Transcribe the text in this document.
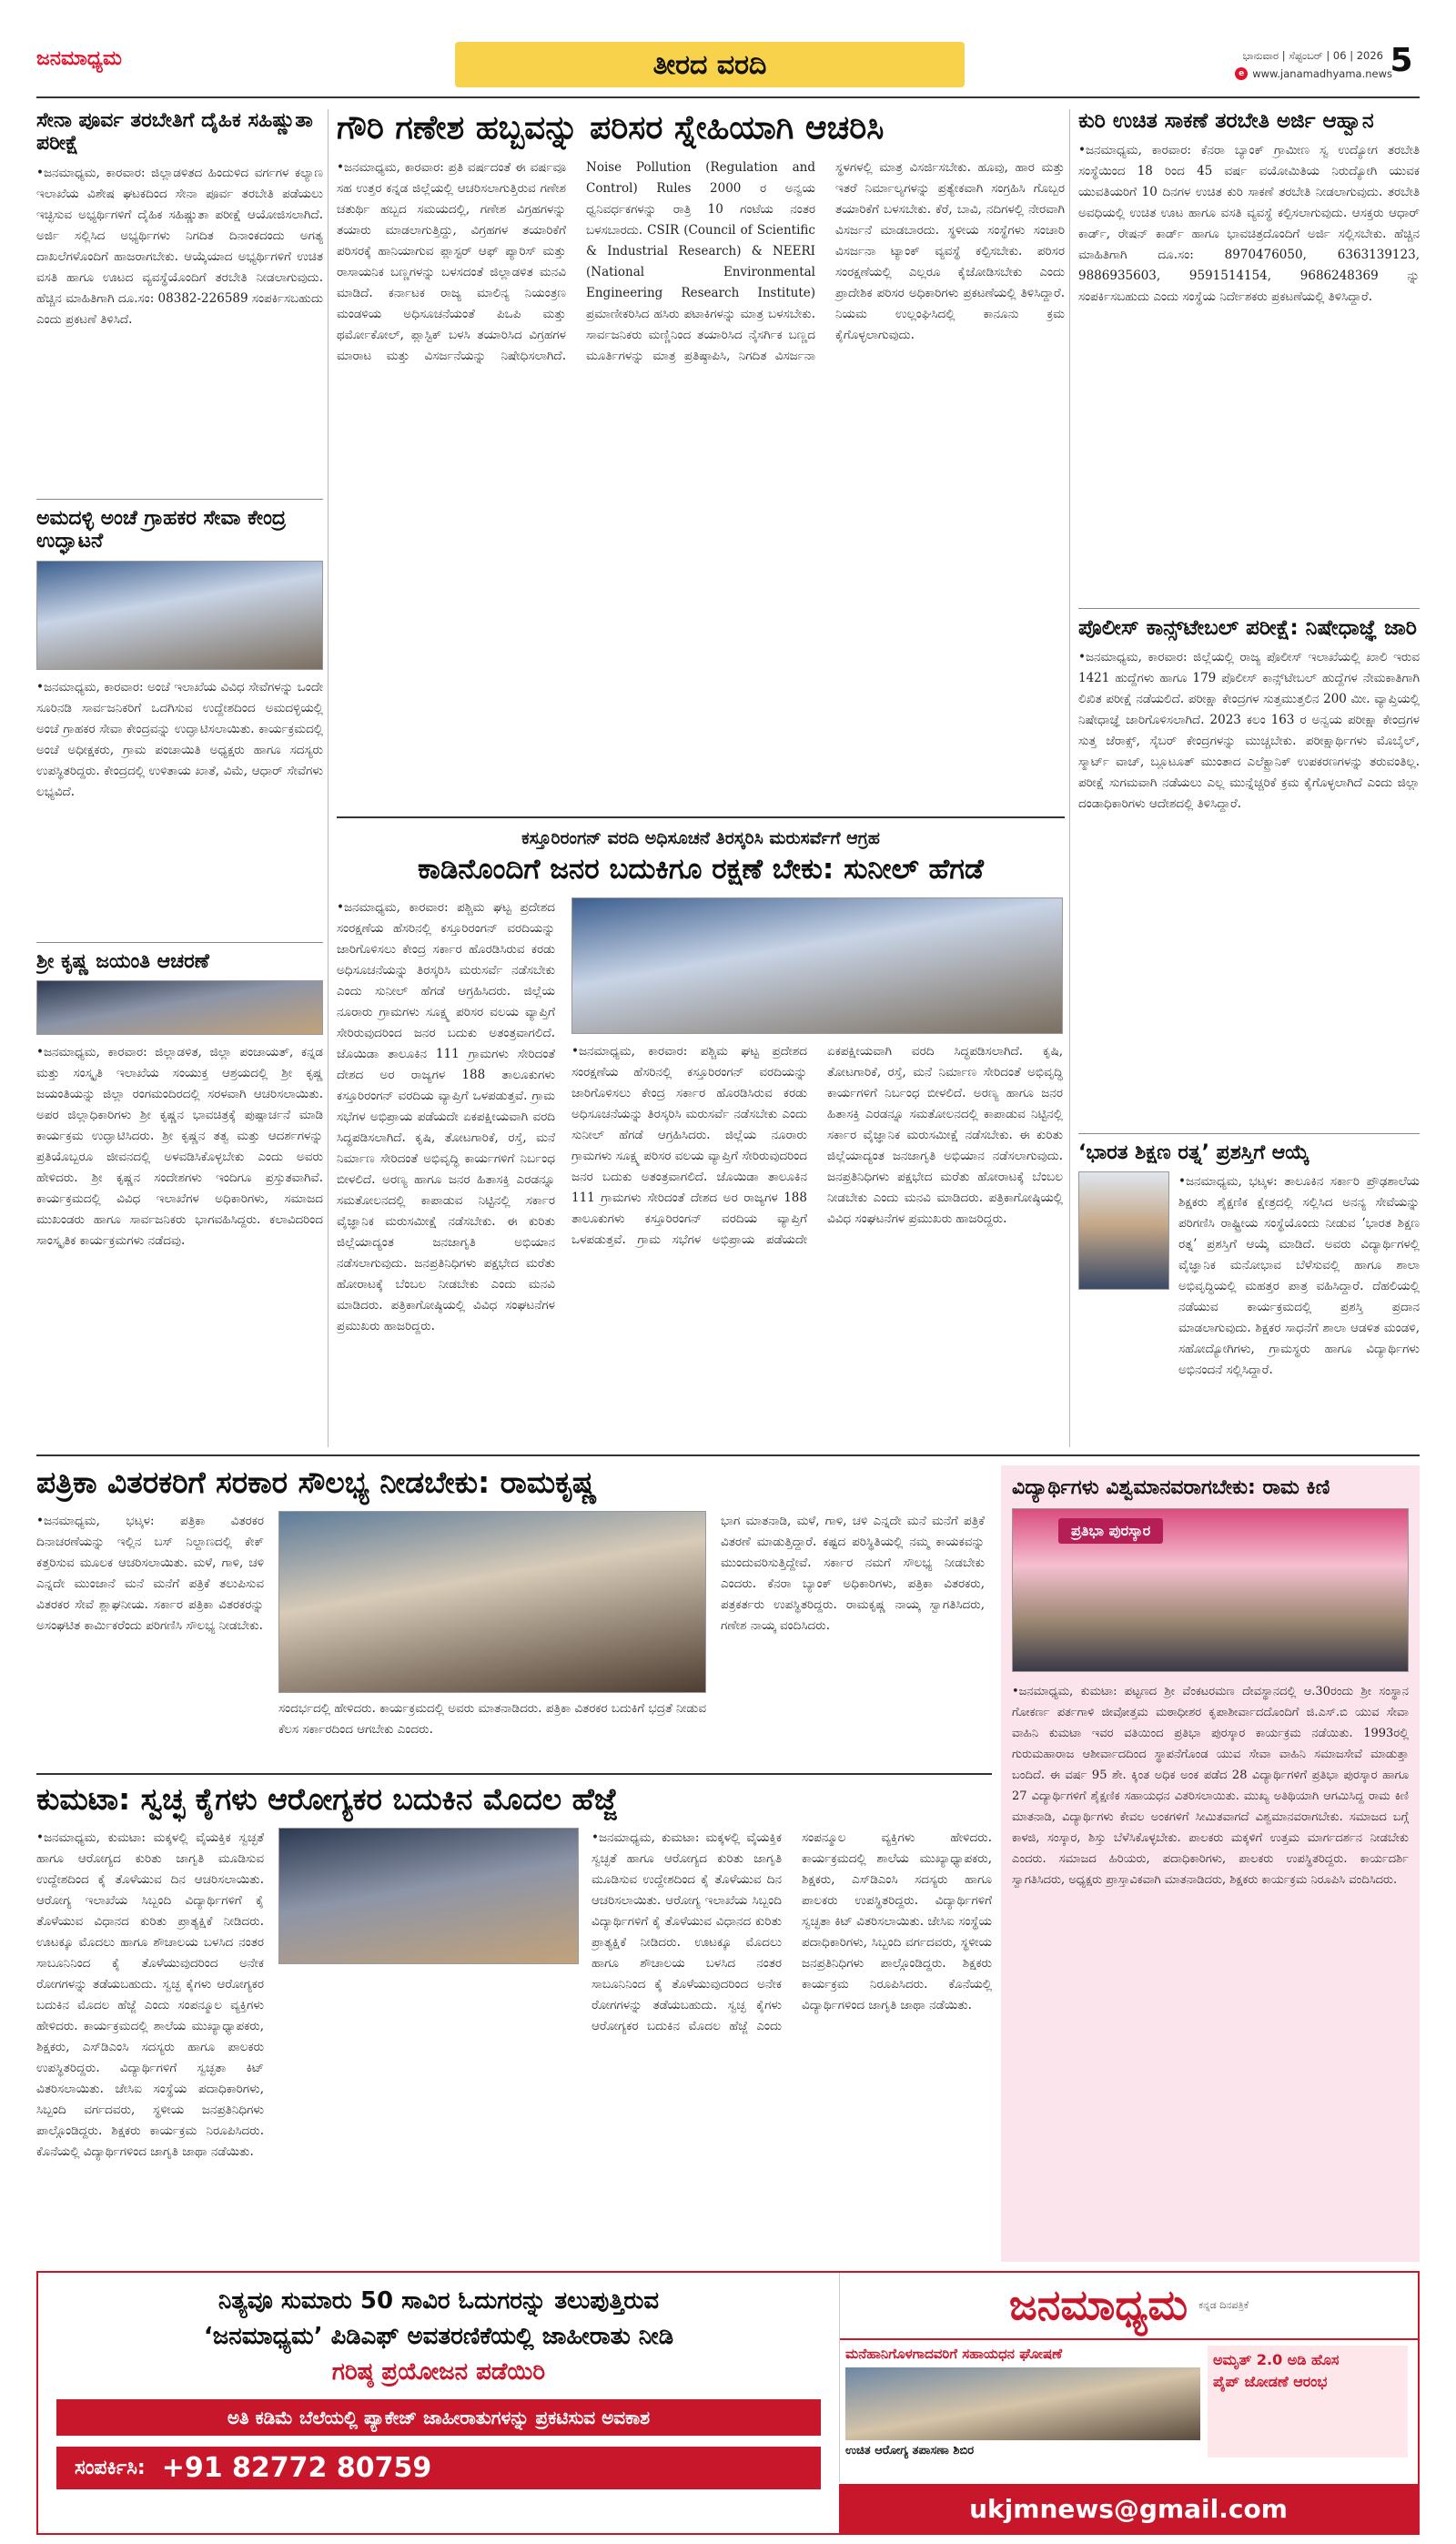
ಜನಮಾಧ್ಯಮ	ತೀರದ ವರದಿ	ಭಾನುವಾರ | ಸೆಪ್ಟಂಬರ್ | 06 | 2026
e www.janamadhyama.news
5
ಸೇನಾ ಪೂರ್ವ ತರಬೇತಿಗೆ ದೈಹಿಕ ಸಹಿಷ್ಣುತಾ ಪರೀಕ್ಷೆ
•ಜನಮಾಧ್ಯಮ, ಕಾರವಾರ: ಜಿಲ್ಲಾಡಳಿತದ ಹಿಂದುಳಿದ ವರ್ಗಗಳ ಕಲ್ಯಾಣ ಇಲಾಖೆಯ ವಿಶೇಷ ಘಟಕದಿಂದ ಸೇನಾ ಪೂರ್ವ ತರಬೇತಿ ಪಡೆಯಲು ಇಚ್ಛಿಸುವ ಅಭ್ಯರ್ಥಿಗಳಿಗೆ ದೈಹಿಕ ಸಹಿಷ್ಣುತಾ ಪರೀಕ್ಷೆ ಆಯೋಜಿಸಲಾಗಿದೆ. ಅರ್ಜಿ ಸಲ್ಲಿಸಿದ ಅಭ್ಯರ್ಥಿಗಳು ನಿಗದಿತ ದಿನಾಂಕದಂದು ಅಗತ್ಯ ದಾಖಲೆಗಳೊಂದಿಗೆ ಹಾಜರಾಗಬೇಕು. ಆಯ್ಕೆಯಾದ ಅಭ್ಯರ್ಥಿಗಳಿಗೆ ಉಚಿತ ವಸತಿ ಹಾಗೂ ಊಟದ ವ್ಯವಸ್ಥೆಯೊಂದಿಗೆ ತರಬೇತಿ ನೀಡಲಾಗುವುದು. ಹೆಚ್ಚಿನ ಮಾಹಿತಿಗಾಗಿ ದೂ.ಸಂ: 08382-226589 ಸಂಪರ್ಕಿಸಬಹುದು ಎಂದು ಪ್ರಕಟಣೆ ತಿಳಿಸಿದೆ.
ಅಮದಳ್ಳಿ ಅಂಚೆ ಗ್ರಾಹಕರ ಸೇವಾ ಕೇಂದ್ರ ಉದ್ಘಾಟನೆ
•ಜನಮಾಧ್ಯಮ, ಕಾರವಾರ: ಅಂಚೆ ಇಲಾಖೆಯ ವಿವಿಧ ಸೇವೆಗಳನ್ನು ಒಂದೇ ಸೂರಿನಡಿ ಸಾರ್ವಜನಿಕರಿಗೆ ಒದಗಿಸುವ ಉದ್ದೇಶದಿಂದ ಅಮದಳ್ಳಿಯಲ್ಲಿ ಅಂಚೆ ಗ್ರಾಹಕರ ಸೇವಾ ಕೇಂದ್ರವನ್ನು ಉದ್ಘಾಟಿಸಲಾಯಿತು. ಕಾರ್ಯಕ್ರಮದಲ್ಲಿ ಅಂಚೆ ಅಧೀಕ್ಷಕರು, ಗ್ರಾಮ ಪಂಚಾಯಿತಿ ಅಧ್ಯಕ್ಷರು ಹಾಗೂ ಸದಸ್ಯರು ಉಪಸ್ಥಿತರಿದ್ದರು. ಕೇಂದ್ರದಲ್ಲಿ ಉಳಿತಾಯ ಖಾತೆ, ವಿಮೆ, ಆಧಾರ್ ಸೇವೆಗಳು ಲಭ್ಯವಿದೆ.
ಶ್ರೀ ಕೃಷ್ಣ ಜಯಂತಿ ಆಚರಣೆ
•ಜನಮಾಧ್ಯಮ, ಕಾರವಾರ: ಜಿಲ್ಲಾಡಳಿತ, ಜಿಲ್ಲಾ ಪಂಚಾಯತ್, ಕನ್ನಡ ಮತ್ತು ಸಂಸ್ಕೃತಿ ಇಲಾಖೆಯ ಸಂಯುಕ್ತ ಆಶ್ರಯದಲ್ಲಿ ಶ್ರೀ ಕೃಷ್ಣ ಜಯಂತಿಯನ್ನು ಜಿಲ್ಲಾ ರಂಗಮಂದಿರದಲ್ಲಿ ಸರಳವಾಗಿ ಆಚರಿಸಲಾಯಿತು. ಅಪರ ಜಿಲ್ಲಾಧಿಕಾರಿಗಳು ಶ್ರೀ ಕೃಷ್ಣನ ಭಾವಚಿತ್ರಕ್ಕೆ ಪುಷ್ಪಾರ್ಚನೆ ಮಾಡಿ ಕಾರ್ಯಕ್ರಮ ಉದ್ಘಾಟಿಸಿದರು. ಶ್ರೀ ಕೃಷ್ಣನ ತತ್ವ ಮತ್ತು ಆದರ್ಶಗಳನ್ನು ಪ್ರತಿಯೊಬ್ಬರೂ ಜೀವನದಲ್ಲಿ ಅಳವಡಿಸಿಕೊಳ್ಳಬೇಕು ಎಂದು ಅವರು ಹೇಳಿದರು. ಶ್ರೀ ಕೃಷ್ಣನ ಸಂದೇಶಗಳು ಇಂದಿಗೂ ಪ್ರಸ್ತುತವಾಗಿವೆ. ಕಾರ್ಯಕ್ರಮದಲ್ಲಿ ವಿವಿಧ ಇಲಾಖೆಗಳ ಅಧಿಕಾರಿಗಳು, ಸಮಾಜದ ಮುಖಂಡರು ಹಾಗೂ ಸಾರ್ವಜನಿಕರು ಭಾಗವಹಿಸಿದ್ದರು. ಕಲಾವಿದರಿಂದ ಸಾಂಸ್ಕೃತಿಕ ಕಾರ್ಯಕ್ರಮಗಳು ನಡೆದವು.
ಗೌರಿ ಗಣೇಶ ಹಬ್ಬವನ್ನು ಪರಿಸರ ಸ್ನೇಹಿಯಾಗಿ ಆಚರಿಸಿ
•ಜನಮಾಧ್ಯಮ, ಕಾರವಾರ: ಪ್ರತಿ ವರ್ಷದಂತೆ ಈ ವರ್ಷವೂ ಸಹ ಉತ್ತರ ಕನ್ನಡ ಜಿಲ್ಲೆಯಲ್ಲಿ ಆಚರಿಸಲಾಗುತ್ತಿರುವ ಗಣೇಶ ಚತುರ್ಥಿ ಹಬ್ಬದ ಸಮಯದಲ್ಲಿ, ಗಣೇಶ ವಿಗ್ರಹಗಳನ್ನು ತಯಾರು ಮಾಡಲಾಗುತ್ತಿದ್ದು, ವಿಗ್ರಹಗಳ ತಯಾರಿಕೆಗೆ ಪರಿಸರಕ್ಕೆ ಹಾನಿಯಾಗುವ ಪ್ಲಾಸ್ಟರ್ ಆಫ್ ಪ್ಯಾರಿಸ್ ಮತ್ತು ರಾಸಾಯನಿಕ ಬಣ್ಣಗಳನ್ನು ಬಳಸದಂತೆ ಜಿಲ್ಲಾಡಳಿತ ಮನವಿ ಮಾಡಿದೆ. ಕರ್ನಾಟಕ ರಾಜ್ಯ ಮಾಲಿನ್ಯ ನಿಯಂತ್ರಣ ಮಂಡಳಿಯ ಅಧಿಸೂಚನೆಯಂತೆ ಪಿಒಪಿ ಮತ್ತು ಥರ್ಮೋಕೋಲ್, ಪ್ಲಾಸ್ಟಿಕ್ ಬಳಸಿ ತಯಾರಿಸಿದ ವಿಗ್ರಹಗಳ ಮಾರಾಟ ಮತ್ತು ವಿಸರ್ಜನೆಯನ್ನು ನಿಷೇಧಿಸಲಾಗಿದೆ. Noise Pollution (Regulation and Control) Rules 2000 ರ ಅನ್ವಯ ಧ್ವನಿವರ್ಧಕಗಳನ್ನು ರಾತ್ರಿ 10 ಗಂಟೆಯ ನಂತರ ಬಳಸಬಾರದು. CSIR (Council of Scientific & Industrial Research) & NEERI (National Environmental Engineering Research Institute) ಪ್ರಮಾಣೀಕರಿಸಿದ ಹಸಿರು ಪಟಾಕಿಗಳನ್ನು ಮಾತ್ರ ಬಳಸಬೇಕು. ಸಾರ್ವಜನಿಕರು ಮಣ್ಣಿನಿಂದ ತಯಾರಿಸಿದ ನೈಸರ್ಗಿಕ ಬಣ್ಣದ ಮೂರ್ತಿಗಳನ್ನು ಮಾತ್ರ ಪ್ರತಿಷ್ಠಾಪಿಸಿ, ನಿಗದಿತ ವಿಸರ್ಜನಾ ಸ್ಥಳಗಳಲ್ಲಿ ಮಾತ್ರ ವಿಸರ್ಜಿಸಬೇಕು. ಹೂವು, ಹಾರ ಮತ್ತು ಇತರೆ ನಿರ್ಮಾಲ್ಯಗಳನ್ನು ಪ್ರತ್ಯೇಕವಾಗಿ ಸಂಗ್ರಹಿಸಿ ಗೊಬ್ಬರ ತಯಾರಿಕೆಗೆ ಬಳಸಬೇಕು. ಕೆರೆ, ಬಾವಿ, ನದಿಗಳಲ್ಲಿ ನೇರವಾಗಿ ವಿಸರ್ಜನೆ ಮಾಡಬಾರದು. ಸ್ಥಳೀಯ ಸಂಸ್ಥೆಗಳು ಸಂಚಾರಿ ವಿಸರ್ಜನಾ ಟ್ಯಾಂಕ್ ವ್ಯವಸ್ಥೆ ಕಲ್ಪಿಸಬೇಕು. ಪರಿಸರ ಸಂರಕ್ಷಣೆಯಲ್ಲಿ ಎಲ್ಲರೂ ಕೈಜೋಡಿಸಬೇಕು ಎಂದು ಪ್ರಾದೇಶಿಕ ಪರಿಸರ ಅಧಿಕಾರಿಗಳು ಪ್ರಕಟಣೆಯಲ್ಲಿ ತಿಳಿಸಿದ್ದಾರೆ. ನಿಯಮ ಉಲ್ಲಂಘಿಸಿದಲ್ಲಿ ಕಾನೂನು ಕ್ರಮ ಕೈಗೊಳ್ಳಲಾಗುವುದು.
ಕಸ್ತೂರಿರಂಗನ್ ವರದಿ ಅಧಿಸೂಚನೆ ತಿರಸ್ಕರಿಸಿ ಮರುಸರ್ವೆಗೆ ಆಗ್ರಹ
ಕಾಡಿನೊಂದಿಗೆ ಜನರ ಬದುಕಿಗೂ ರಕ್ಷಣೆ ಬೇಕು: ಸುನೀಲ್ ಹೆಗಡೆ
•ಜನಮಾಧ್ಯಮ, ಕಾರವಾರ: ಪಶ್ಚಿಮ ಘಟ್ಟ ಪ್ರದೇಶದ ಸಂರಕ್ಷಣೆಯ ಹೆಸರಿನಲ್ಲಿ ಕಸ್ತೂರಿರಂಗನ್ ವರದಿಯನ್ನು ಜಾರಿಗೊಳಿಸಲು ಕೇಂದ್ರ ಸರ್ಕಾರ ಹೊರಡಿಸಿರುವ ಕರಡು ಅಧಿಸೂಚನೆಯನ್ನು ತಿರಸ್ಕರಿಸಿ ಮರುಸರ್ವೆ ನಡೆಸಬೇಕು ಎಂದು ಸುನೀಲ್ ಹೆಗಡೆ ಆಗ್ರಹಿಸಿದರು. ಜಿಲ್ಲೆಯ ನೂರಾರು ಗ್ರಾಮಗಳು ಸೂಕ್ಷ್ಮ ಪರಿಸರ ವಲಯ ವ್ಯಾಪ್ತಿಗೆ ಸೇರಿರುವುದರಿಂದ ಜನರ ಬದುಕು ಅತಂತ್ರವಾಗಲಿದೆ. ಜೊಯಿಡಾ ತಾಲೂಕಿನ 111 ಗ್ರಾಮಗಳು ಸೇರಿದಂತೆ ದೇಶದ ಅರ ರಾಜ್ಯಗಳ 188 ತಾಲೂಕುಗಳು ಕಸ್ತೂರಿರಂಗನ್ ವರದಿಯ ವ್ಯಾಪ್ತಿಗೆ ಒಳಪಡುತ್ತವೆ. ಗ್ರಾಮ ಸಭೆಗಳ ಅಭಿಪ್ರಾಯ ಪಡೆಯದೇ ಏಕಪಕ್ಷೀಯವಾಗಿ ವರದಿ ಸಿದ್ಧಪಡಿಸಲಾಗಿದೆ. ಕೃಷಿ, ತೋಟಗಾರಿಕೆ, ರಸ್ತೆ, ಮನೆ ನಿರ್ಮಾಣ ಸೇರಿದಂತೆ ಅಭಿವೃದ್ಧಿ ಕಾರ್ಯಗಳಿಗೆ ನಿರ್ಬಂಧ ಬೀಳಲಿದೆ. ಅರಣ್ಯ ಹಾಗೂ ಜನರ ಹಿತಾಸಕ್ತಿ ಎರಡನ್ನೂ ಸಮತೋಲನದಲ್ಲಿ ಕಾಪಾಡುವ ನಿಟ್ಟಿನಲ್ಲಿ ಸರ್ಕಾರ ವೈಜ್ಞಾನಿಕ ಮರುಸಮೀಕ್ಷೆ ನಡೆಸಬೇಕು. ಈ ಕುರಿತು ಜಿಲ್ಲೆಯಾದ್ಯಂತ ಜನಜಾಗೃತಿ ಅಭಿಯಾನ ನಡೆಸಲಾಗುವುದು. ಜನಪ್ರತಿನಿಧಿಗಳು ಪಕ್ಷಭೇದ ಮರೆತು ಹೋರಾಟಕ್ಕೆ ಬೆಂಬಲ ನೀಡಬೇಕು ಎಂದು ಮನವಿ ಮಾಡಿದರು. ಪತ್ರಿಕಾಗೋಷ್ಠಿಯಲ್ಲಿ ವಿವಿಧ ಸಂಘಟನೆಗಳ ಪ್ರಮುಖರು ಹಾಜರಿದ್ದರು.
•ಜನಮಾಧ್ಯಮ, ಕಾರವಾರ: ಪಶ್ಚಿಮ ಘಟ್ಟ ಪ್ರದೇಶದ ಸಂರಕ್ಷಣೆಯ ಹೆಸರಿನಲ್ಲಿ ಕಸ್ತೂರಿರಂಗನ್ ವರದಿಯನ್ನು ಜಾರಿಗೊಳಿಸಲು ಕೇಂದ್ರ ಸರ್ಕಾರ ಹೊರಡಿಸಿರುವ ಕರಡು ಅಧಿಸೂಚನೆಯನ್ನು ತಿರಸ್ಕರಿಸಿ ಮರುಸರ್ವೆ ನಡೆಸಬೇಕು ಎಂದು ಸುನೀಲ್ ಹೆಗಡೆ ಆಗ್ರಹಿಸಿದರು. ಜಿಲ್ಲೆಯ ನೂರಾರು ಗ್ರಾಮಗಳು ಸೂಕ್ಷ್ಮ ಪರಿಸರ ವಲಯ ವ್ಯಾಪ್ತಿಗೆ ಸೇರಿರುವುದರಿಂದ ಜನರ ಬದುಕು ಅತಂತ್ರವಾಗಲಿದೆ. ಜೊಯಿಡಾ ತಾಲೂಕಿನ 111 ಗ್ರಾಮಗಳು ಸೇರಿದಂತೆ ದೇಶದ ಅರ ರಾಜ್ಯಗಳ 188 ತಾಲೂಕುಗಳು ಕಸ್ತೂರಿರಂಗನ್ ವರದಿಯ ವ್ಯಾಪ್ತಿಗೆ ಒಳಪಡುತ್ತವೆ. ಗ್ರಾಮ ಸಭೆಗಳ ಅಭಿಪ್ರಾಯ ಪಡೆಯದೇ ಏಕಪಕ್ಷೀಯವಾಗಿ ವರದಿ ಸಿದ್ಧಪಡಿಸಲಾಗಿದೆ. ಕೃಷಿ, ತೋಟಗಾರಿಕೆ, ರಸ್ತೆ, ಮನೆ ನಿರ್ಮಾಣ ಸೇರಿದಂತೆ ಅಭಿವೃದ್ಧಿ ಕಾರ್ಯಗಳಿಗೆ ನಿರ್ಬಂಧ ಬೀಳಲಿದೆ. ಅರಣ್ಯ ಹಾಗೂ ಜನರ ಹಿತಾಸಕ್ತಿ ಎರಡನ್ನೂ ಸಮತೋಲನದಲ್ಲಿ ಕಾಪಾಡುವ ನಿಟ್ಟಿನಲ್ಲಿ ಸರ್ಕಾರ ವೈಜ್ಞಾನಿಕ ಮರುಸಮೀಕ್ಷೆ ನಡೆಸಬೇಕು. ಈ ಕುರಿತು ಜಿಲ್ಲೆಯಾದ್ಯಂತ ಜನಜಾಗೃತಿ ಅಭಿಯಾನ ನಡೆಸಲಾಗುವುದು. ಜನಪ್ರತಿನಿಧಿಗಳು ಪಕ್ಷಭೇದ ಮರೆತು ಹೋರಾಟಕ್ಕೆ ಬೆಂಬಲ ನೀಡಬೇಕು ಎಂದು ಮನವಿ ಮಾಡಿದರು. ಪತ್ರಿಕಾಗೋಷ್ಠಿಯಲ್ಲಿ ವಿವಿಧ ಸಂಘಟನೆಗಳ ಪ್ರಮುಖರು ಹಾಜರಿದ್ದರು.
ಕುರಿ ಉಚಿತ ಸಾಕಣೆ ತರಬೇತಿ ಅರ್ಜಿ ಆಹ್ವಾನ
•ಜನಮಾಧ್ಯಮ, ಕಾರವಾರ: ಕೆನರಾ ಬ್ಯಾಂಕ್ ಗ್ರಾಮೀಣ ಸ್ವ ಉದ್ಯೋಗ ತರಬೇತಿ ಸಂಸ್ಥೆಯಿಂದ 18 ರಿಂದ 45 ವರ್ಷ ವಯೋಮಿತಿಯ ನಿರುದ್ಯೋಗಿ ಯುವಕ ಯುವತಿಯರಿಗೆ 10 ದಿನಗಳ ಉಚಿತ ಕುರಿ ಸಾಕಣೆ ತರಬೇತಿ ನೀಡಲಾಗುವುದು. ತರಬೇತಿ ಅವಧಿಯಲ್ಲಿ ಉಚಿತ ಊಟ ಹಾಗೂ ವಸತಿ ವ್ಯವಸ್ಥೆ ಕಲ್ಪಿಸಲಾಗುವುದು. ಆಸಕ್ತರು ಆಧಾರ್ ಕಾರ್ಡ್, ರೇಷನ್ ಕಾರ್ಡ್ ಹಾಗೂ ಭಾವಚಿತ್ರದೊಂದಿಗೆ ಅರ್ಜಿ ಸಲ್ಲಿಸಬೇಕು. ಹೆಚ್ಚಿನ ಮಾಹಿತಿಗಾಗಿ ದೂ.ಸಂ: 8970476050, 6363139123, 9886935603, 9591514154, 9686248369 ನ್ನು ಸಂಪರ್ಕಿಸಬಹುದು ಎಂದು ಸಂಸ್ಥೆಯ ನಿರ್ದೇಶಕರು ಪ್ರಕಟಣೆಯಲ್ಲಿ ತಿಳಿಸಿದ್ದಾರೆ.
ಪೊಲೀಸ್ ಕಾನ್ಸ್‌ಟೇಬಲ್ ಪರೀಕ್ಷೆ: ನಿಷೇಧಾಜ್ಞೆ ಜಾರಿ
•ಜನಮಾಧ್ಯಮ, ಕಾರವಾರ: ಜಿಲ್ಲೆಯಲ್ಲಿ ರಾಜ್ಯ ಪೊಲೀಸ್ ಇಲಾಖೆಯಲ್ಲಿ ಖಾಲಿ ಇರುವ 1421 ಹುದ್ದೆಗಳು ಹಾಗೂ 179 ಪೊಲೀಸ್ ಕಾನ್ಸ್‌ಟೇಬಲ್ ಹುದ್ದೆಗಳ ನೇಮಕಾತಿಗಾಗಿ ಲಿಖಿತ ಪರೀಕ್ಷೆ ನಡೆಯಲಿದೆ. ಪರೀಕ್ಷಾ ಕೇಂದ್ರಗಳ ಸುತ್ತಮುತ್ತಲಿನ 200 ಮೀ. ವ್ಯಾಪ್ತಿಯಲ್ಲಿ ನಿಷೇಧಾಜ್ಞೆ ಜಾರಿಗೊಳಿಸಲಾಗಿದೆ. 2023 ಕಲಂ 163 ರ ಅನ್ವಯ ಪರೀಕ್ಷಾ ಕೇಂದ್ರಗಳ ಸುತ್ತ ಜೆರಾಕ್ಸ್, ಸೈಬರ್ ಕೇಂದ್ರಗಳನ್ನು ಮುಚ್ಚಬೇಕು. ಪರೀಕ್ಷಾರ್ಥಿಗಳು ಮೊಬೈಲ್, ಸ್ಮಾರ್ಟ್ ವಾಚ್, ಬ್ಲೂಟೂತ್ ಮುಂತಾದ ಎಲೆಕ್ಟ್ರಾನಿಕ್ ಉಪಕರಣಗಳನ್ನು ತರುವಂತಿಲ್ಲ. ಪರೀಕ್ಷೆ ಸುಗಮವಾಗಿ ನಡೆಯಲು ಎಲ್ಲ ಮುನ್ನೆಚ್ಚರಿಕೆ ಕ್ರಮ ಕೈಗೊಳ್ಳಲಾಗಿದೆ ಎಂದು ಜಿಲ್ಲಾ ದಂಡಾಧಿಕಾರಿಗಳು ಆದೇಶದಲ್ಲಿ ತಿಳಿಸಿದ್ದಾರೆ.
‘ಭಾರತ ಶಿಕ್ಷಣ ರತ್ನ’ ಪ್ರಶಸ್ತಿಗೆ ಆಯ್ಕೆ
•ಜನಮಾಧ್ಯಮ, ಭಟ್ಕಳ: ತಾಲೂಕಿನ ಸರ್ಕಾರಿ ಪ್ರೌಢಶಾಲೆಯ ಶಿಕ್ಷಕರು ಶೈಕ್ಷಣಿಕ ಕ್ಷೇತ್ರದಲ್ಲಿ ಸಲ್ಲಿಸಿದ ಅನನ್ಯ ಸೇವೆಯನ್ನು ಪರಿಗಣಿಸಿ ರಾಷ್ಟ್ರೀಯ ಸಂಸ್ಥೆಯೊಂದು ನೀಡುವ ‘ಭಾರತ ಶಿಕ್ಷಣ ರತ್ನ’ ಪ್ರಶಸ್ತಿಗೆ ಆಯ್ಕೆ ಮಾಡಿದೆ. ಅವರು ವಿದ್ಯಾರ್ಥಿಗಳಲ್ಲಿ ವೈಜ್ಞಾನಿಕ ಮನೋಭಾವ ಬೆಳೆಸುವಲ್ಲಿ ಹಾಗೂ ಶಾಲಾ ಅಭಿವೃದ್ಧಿಯಲ್ಲಿ ಮಹತ್ತರ ಪಾತ್ರ ವಹಿಸಿದ್ದಾರೆ. ದೆಹಲಿಯಲ್ಲಿ ನಡೆಯುವ ಕಾರ್ಯಕ್ರಮದಲ್ಲಿ ಪ್ರಶಸ್ತಿ ಪ್ರದಾನ ಮಾಡಲಾಗುವುದು. ಶಿಕ್ಷಕರ ಸಾಧನೆಗೆ ಶಾಲಾ ಆಡಳಿತ ಮಂಡಳಿ, ಸಹೋದ್ಯೋಗಿಗಳು, ಗ್ರಾಮಸ್ಥರು ಹಾಗೂ ವಿದ್ಯಾರ್ಥಿಗಳು ಅಭಿನಂದನೆ ಸಲ್ಲಿಸಿದ್ದಾರೆ.
ಪತ್ರಿಕಾ ವಿತರಕರಿಗೆ ಸರಕಾರ ಸೌಲಭ್ಯ ನೀಡಬೇಕು: ರಾಮಕೃಷ್ಣ
•ಜನಮಾಧ್ಯಮ, ಭಟ್ಕಳ: ಪತ್ರಿಕಾ ವಿತರಕರ ದಿನಾಚರಣೆಯನ್ನು ಇಲ್ಲಿನ ಬಸ್ ನಿಲ್ದಾಣದಲ್ಲಿ ಕೇಕ್ ಕತ್ತರಿಸುವ ಮೂಲಕ ಆಚರಿಸಲಾಯಿತು. ಮಳೆ, ಗಾಳಿ, ಚಳಿ ಎನ್ನದೇ ಮುಂಜಾನೆ ಮನೆ ಮನೆಗೆ ಪತ್ರಿಕೆ ತಲುಪಿಸುವ ವಿತರಕರ ಸೇವೆ ಶ್ಲಾಘನೀಯ. ಸರ್ಕಾರ ಪತ್ರಿಕಾ ವಿತರಕರನ್ನು ಅಸಂಘಟಿತ ಕಾರ್ಮಿಕರೆಂದು ಪರಿಗಣಿಸಿ ಸೌಲಭ್ಯ ನೀಡಬೇಕು.
ಸಂದರ್ಭದಲ್ಲಿ ಹೇಳಿದರು. ಕಾರ್ಯಕ್ರಮದಲ್ಲಿ ಅವರು ಮಾತನಾಡಿದರು. ಪತ್ರಿಕಾ ವಿತರಕರ ಬದುಕಿಗೆ ಭದ್ರತೆ ನೀಡುವ ಕೆಲಸ ಸರ್ಕಾರದಿಂದ ಆಗಬೇಕು ಎಂದರು.
ಭಾಗ ಮಾತನಾಡಿ, ಮಳೆ, ಗಾಳಿ, ಚಳಿ ಎನ್ನದೇ ಮನೆ ಮನೆಗೆ ಪತ್ರಿಕೆ ವಿತರಣೆ ಮಾಡುತ್ತಿದ್ದಾರೆ. ಕಷ್ಟದ ಪರಿಸ್ಥಿತಿಯಲ್ಲಿ ನಮ್ಮ ಕಾಯಕವನ್ನು ಮುಂದುವರಿಸುತ್ತಿದ್ದೇವೆ. ಸರ್ಕಾರ ನಮಗೆ ಸೌಲಭ್ಯ ನೀಡಬೇಕು ಎಂದರು. ಕೆನರಾ ಬ್ಯಾಂಕ್ ಅಧಿಕಾರಿಗಳು, ಪತ್ರಿಕಾ ವಿತರಕರು, ಪತ್ರಕರ್ತರು ಉಪಸ್ಥಿತರಿದ್ದರು. ರಾಮಕೃಷ್ಣ ನಾಯ್ಕ ಸ್ವಾಗತಿಸಿದರು, ಗಣೇಶ ನಾಯ್ಕ ವಂದಿಸಿದರು.
ಕುಮಟಾ: ಸ್ವಚ್ಛ ಕೈಗಳು ಆರೋಗ್ಯಕರ ಬದುಕಿನ ಮೊದಲ ಹೆಜ್ಜೆ
•ಜನಮಾಧ್ಯಮ, ಕುಮಟಾ: ಮಕ್ಕಳಲ್ಲಿ ವೈಯಕ್ತಿಕ ಸ್ವಚ್ಛತೆ ಹಾಗೂ ಆರೋಗ್ಯದ ಕುರಿತು ಜಾಗೃತಿ ಮೂಡಿಸುವ ಉದ್ದೇಶದಿಂದ ಕೈ ತೊಳೆಯುವ ದಿನ ಆಚರಿಸಲಾಯಿತು. ಆರೋಗ್ಯ ಇಲಾಖೆಯ ಸಿಬ್ಬಂದಿ ವಿದ್ಯಾರ್ಥಿಗಳಿಗೆ ಕೈ ತೊಳೆಯುವ ವಿಧಾನದ ಕುರಿತು ಪ್ರಾತ್ಯಕ್ಷಿಕೆ ನೀಡಿದರು. ಊಟಕ್ಕೂ ಮೊದಲು ಹಾಗೂ ಶೌಚಾಲಯ ಬಳಸಿದ ನಂತರ ಸಾಬೂನಿನಿಂದ ಕೈ ತೊಳೆಯುವುದರಿಂದ ಅನೇಕ ರೋಗಗಳನ್ನು ತಡೆಯಬಹುದು. ಸ್ವಚ್ಛ ಕೈಗಳು ಆರೋಗ್ಯಕರ ಬದುಕಿನ ಮೊದಲ ಹೆಜ್ಜೆ ಎಂದು ಸಂಪನ್ಮೂಲ ವ್ಯಕ್ತಿಗಳು ಹೇಳಿದರು. ಕಾರ್ಯಕ್ರಮದಲ್ಲಿ ಶಾಲೆಯ ಮುಖ್ಯಾಧ್ಯಾಪಕರು, ಶಿಕ್ಷಕರು, ಎಸ್‌ಡಿಎಂಸಿ ಸದಸ್ಯರು ಹಾಗೂ ಪಾಲಕರು ಉಪಸ್ಥಿತರಿದ್ದರು. ವಿದ್ಯಾರ್ಥಿಗಳಿಗೆ ಸ್ವಚ್ಛತಾ ಕಿಟ್ ವಿತರಿಸಲಾಯಿತು. ಜೇಸಿಐ ಸಂಸ್ಥೆಯ ಪದಾಧಿಕಾರಿಗಳು, ಸಿಬ್ಬಂದಿ ವರ್ಗದವರು, ಸ್ಥಳೀಯ ಜನಪ್ರತಿನಿಧಿಗಳು ಪಾಲ್ಗೊಂಡಿದ್ದರು. ಶಿಕ್ಷಕರು ಕಾರ್ಯಕ್ರಮ ನಿರೂಪಿಸಿದರು. ಕೊನೆಯಲ್ಲಿ ವಿದ್ಯಾರ್ಥಿಗಳಿಂದ ಜಾಗೃತಿ ಜಾಥಾ ನಡೆಯಿತು.
•ಜನಮಾಧ್ಯಮ, ಕುಮಟಾ: ಮಕ್ಕಳಲ್ಲಿ ವೈಯಕ್ತಿಕ ಸ್ವಚ್ಛತೆ ಹಾಗೂ ಆರೋಗ್ಯದ ಕುರಿತು ಜಾಗೃತಿ ಮೂಡಿಸುವ ಉದ್ದೇಶದಿಂದ ಕೈ ತೊಳೆಯುವ ದಿನ ಆಚರಿಸಲಾಯಿತು. ಆರೋಗ್ಯ ಇಲಾಖೆಯ ಸಿಬ್ಬಂದಿ ವಿದ್ಯಾರ್ಥಿಗಳಿಗೆ ಕೈ ತೊಳೆಯುವ ವಿಧಾನದ ಕುರಿತು ಪ್ರಾತ್ಯಕ್ಷಿಕೆ ನೀಡಿದರು. ಊಟಕ್ಕೂ ಮೊದಲು ಹಾಗೂ ಶೌಚಾಲಯ ಬಳಸಿದ ನಂತರ ಸಾಬೂನಿನಿಂದ ಕೈ ತೊಳೆಯುವುದರಿಂದ ಅನೇಕ ರೋಗಗಳನ್ನು ತಡೆಯಬಹುದು. ಸ್ವಚ್ಛ ಕೈಗಳು ಆರೋಗ್ಯಕರ ಬದುಕಿನ ಮೊದಲ ಹೆಜ್ಜೆ ಎಂದು ಸಂಪನ್ಮೂಲ ವ್ಯಕ್ತಿಗಳು ಹೇಳಿದರು. ಕಾರ್ಯಕ್ರಮದಲ್ಲಿ ಶಾಲೆಯ ಮುಖ್ಯಾಧ್ಯಾಪಕರು, ಶಿಕ್ಷಕರು, ಎಸ್‌ಡಿಎಂಸಿ ಸದಸ್ಯರು ಹಾಗೂ ಪಾಲಕರು ಉಪಸ್ಥಿತರಿದ್ದರು. ವಿದ್ಯಾರ್ಥಿಗಳಿಗೆ ಸ್ವಚ್ಛತಾ ಕಿಟ್ ವಿತರಿಸಲಾಯಿತು. ಜೇಸಿಐ ಸಂಸ್ಥೆಯ ಪದಾಧಿಕಾರಿಗಳು, ಸಿಬ್ಬಂದಿ ವರ್ಗದವರು, ಸ್ಥಳೀಯ ಜನಪ್ರತಿನಿಧಿಗಳು ಪಾಲ್ಗೊಂಡಿದ್ದರು. ಶಿಕ್ಷಕರು ಕಾರ್ಯಕ್ರಮ ನಿರೂಪಿಸಿದರು. ಕೊನೆಯಲ್ಲಿ ವಿದ್ಯಾರ್ಥಿಗಳಿಂದ ಜಾಗೃತಿ ಜಾಥಾ ನಡೆಯಿತು.
ವಿದ್ಯಾರ್ಥಿಗಳು ವಿಶ್ವಮಾನವರಾಗಬೇಕು: ರಾಮ ಕಿಣಿ
ಪ್ರತಿಭಾ ಪುರಸ್ಕಾರ
•ಜನಮಾಧ್ಯಮ, ಕುಮಟಾ: ಪಟ್ಟಣದ ಶ್ರೀ ವೆಂಕಟರಮಣ ದೇವಸ್ಥಾನದಲ್ಲಿ ಆ.30ರಂದು ಶ್ರೀ ಸಂಸ್ಥಾನ ಗೋಕರ್ಣ ಪರ್ತಗಾಳಿ ಜೀವೋತ್ತಮ ಮಠಾಧೀಶರ ಕೃಪಾಶೀರ್ವಾದದೊಂದಿಗೆ ಜಿ.ಎಸ್.ಬಿ ಯುವ ಸೇವಾ ವಾಹಿನಿ ಕುಮಟಾ ಇವರ ವತಿಯಿಂದ ಪ್ರತಿಭಾ ಪುರಸ್ಕಾರ ಕಾರ್ಯಕ್ರಮ ನಡೆಯಿತು. 1993ರಲ್ಲಿ ಗುರುಮಹಾರಾಜ ಆಶೀರ್ವಾದದಿಂದ ಸ್ಥಾಪನೆಗೊಂಡ ಯುವ ಸೇವಾ ವಾಹಿನಿ ಸಮಾಜಸೇವೆ ಮಾಡುತ್ತಾ ಬಂದಿದೆ. ಈ ವರ್ಷ 95 ಶೇ. ಕ್ಕಿಂತ ಅಧಿಕ ಅಂಕ ಪಡೆದ 28 ವಿದ್ಯಾರ್ಥಿಗಳಿಗೆ ಪ್ರತಿಭಾ ಪುರಸ್ಕಾರ ಹಾಗೂ 27 ವಿದ್ಯಾರ್ಥಿಗಳಿಗೆ ಶೈಕ್ಷಣಿಕ ಸಹಾಯಧನ ವಿತರಿಸಲಾಯಿತು. ಮುಖ್ಯ ಅತಿಥಿಯಾಗಿ ಆಗಮಿಸಿದ್ದ ರಾಮ ಕಿಣಿ ಮಾತನಾಡಿ, ವಿದ್ಯಾರ್ಥಿಗಳು ಕೇವಲ ಅಂಕಗಳಿಗೆ ಸೀಮಿತವಾಗದೆ ವಿಶ್ವಮಾನವರಾಗಬೇಕು. ಸಮಾಜದ ಬಗ್ಗೆ ಕಾಳಜಿ, ಸಂಸ್ಕಾರ, ಶಿಸ್ತು ಬೆಳೆಸಿಕೊಳ್ಳಬೇಕು. ಪಾಲಕರು ಮಕ್ಕಳಿಗೆ ಉತ್ತಮ ಮಾರ್ಗದರ್ಶನ ನೀಡಬೇಕು ಎಂದರು. ಸಮಾಜದ ಹಿರಿಯರು, ಪದಾಧಿಕಾರಿಗಳು, ಪಾಲಕರು ಉಪಸ್ಥಿತರಿದ್ದರು. ಕಾರ್ಯದರ್ಶಿ ಸ್ವಾಗತಿಸಿದರು, ಅಧ್ಯಕ್ಷರು ಪ್ರಾಸ್ತಾವಿಕವಾಗಿ ಮಾತನಾಡಿದರು, ಶಿಕ್ಷಕರು ಕಾರ್ಯಕ್ರಮ ನಿರೂಪಿಸಿ ವಂದಿಸಿದರು.
ನಿತ್ಯವೂ ಸುಮಾರು 50 ಸಾವಿರ ಓದುಗರನ್ನು ತಲುಪುತ್ತಿರುವ
‘ಜನಮಾಧ್ಯಮ’ ಪಿಡಿಎಫ್ ಅವತರಣಿಕೆಯಲ್ಲಿ ಜಾಹೀರಾತು ನೀಡಿ
ಗರಿಷ್ಠ ಪ್ರಯೋಜನ ಪಡೆಯಿರಿ
ಅತಿ ಕಡಿಮೆ ಬೆಲೆಯಲ್ಲಿ ಪ್ಯಾಕೇಜ್ ಜಾಹೀರಾತುಗಳನ್ನು ಪ್ರಕಟಿಸುವ ಅವಕಾಶ
ಸಂಪರ್ಕಿಸಿ: +91 82772 80759
ಜನಮಾಧ್ಯಮ ಕನ್ನಡ ದಿನಪತ್ರಿಕೆ
ಮನೆಹಾನಿಗೊಳಗಾದವರಿಗೆ ಸಹಾಯಧನ ಘೋಷಣೆ
ಉಚಿತ ಆರೋಗ್ಯ ತಪಾಸಣಾ ಶಿಬಿರ
ಅಮೃತ್ 2.0 ಅಡಿ ಹೊಸ
ಪೈಪ್ ಜೋಡಣೆ ಆರಂಭ
ukjmnews@gmail.com
